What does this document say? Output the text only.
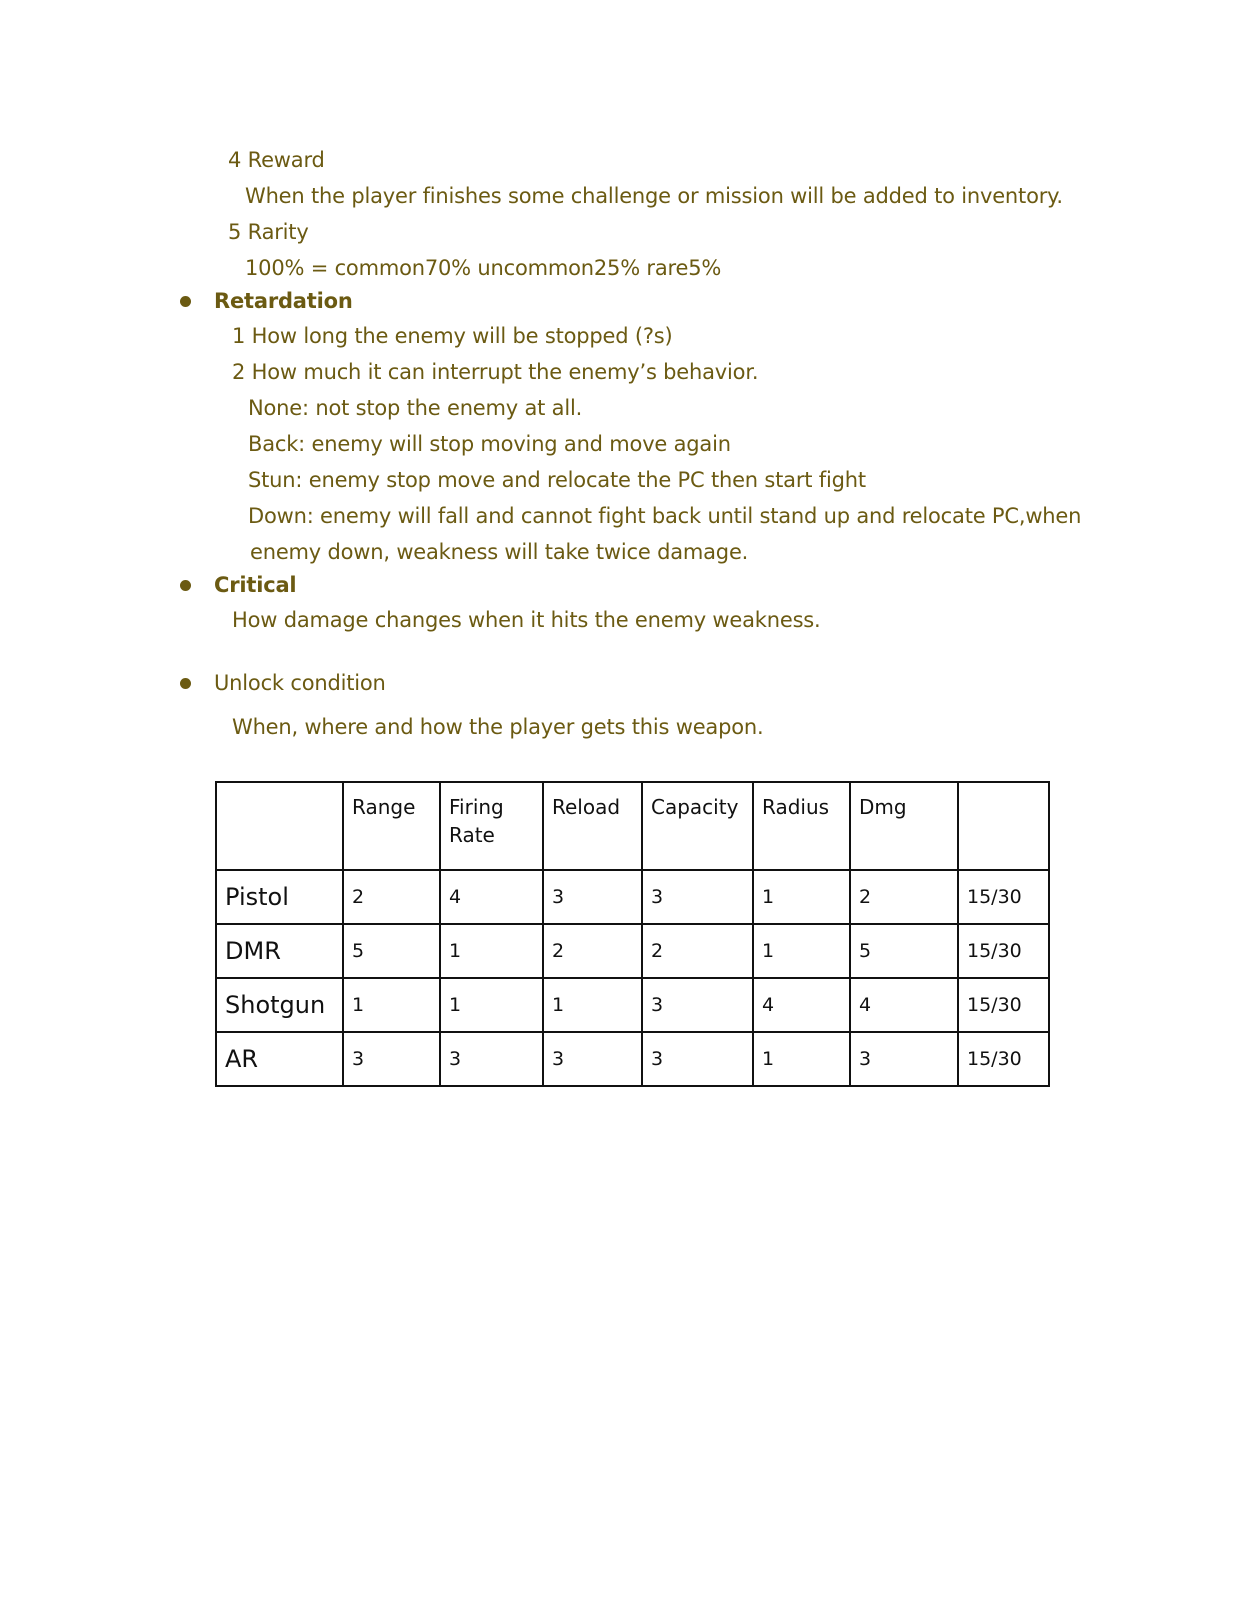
4 Reward
When the player finishes some challenge or mission will be added to inventory.
5 Rarity
100% = common70% uncommon25% rare5%
Retardation
1 How long the enemy will be stopped (?s)
2 How much it can interrupt the enemy’s behavior.
None: not stop the enemy at all.
Back: enemy will stop moving and move again
Stun: enemy stop move and relocate the PC then start fight
Down: enemy will fall and cannot fight back until stand up and relocate PC,when
enemy down, weakness will take twice damage.
Critical
How damage changes when it hits the enemy weakness.
Unlock condition
When, where and how the player gets this weapon.
	Range	Firing Rate	Reload	Capacity	Radius	Dmg	
Pistol	2	4	3	3	1	2	15/30
DMR	5	1	2	2	1	5	15/30
Shotgun	1	1	1	3	4	4	15/30
AR	3	3	3	3	1	3	15/30
